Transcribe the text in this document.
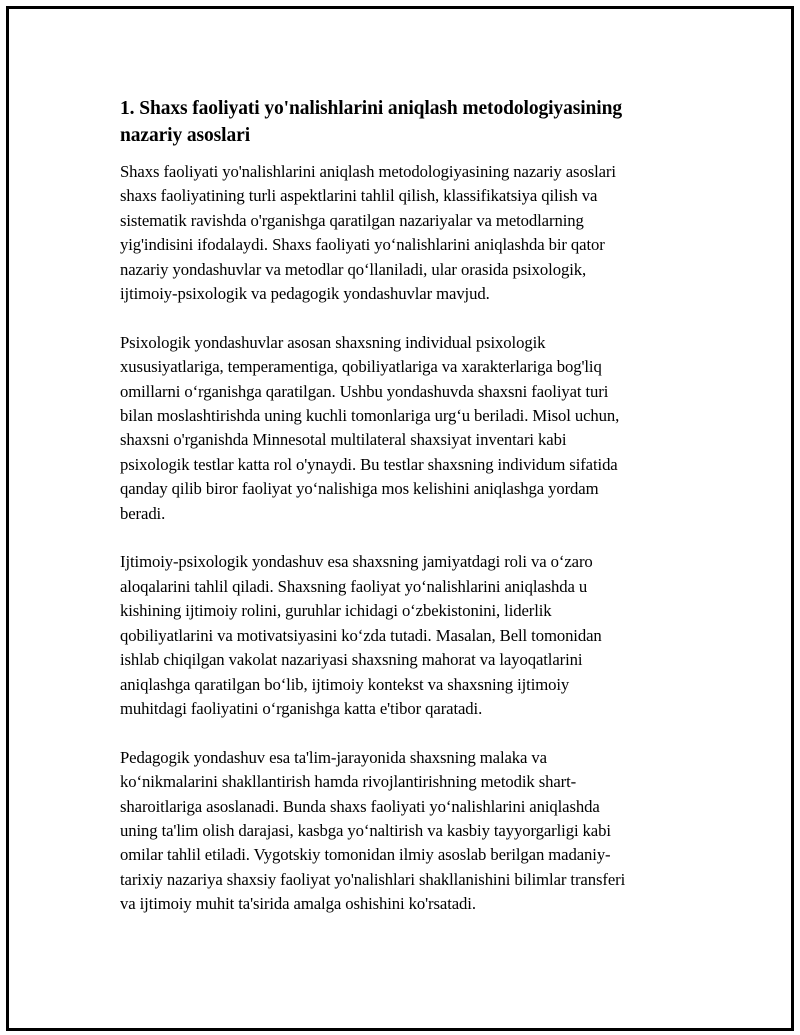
1. Shaxs faoliyati yo'nalishlarini aniqlash metodologiyasining
nazariy asoslari

Shaxs faoliyati yo'nalishlarini aniqlash metodologiyasining nazariy asoslari
shaxs faoliyatining turli aspektlarini tahlil qilish, klassifikatsiya qilish va
sistematik ravishda o'rganishga qaratilgan nazariyalar va metodlarning
yig'indisini ifodalaydi. Shaxs faoliyati yo‘nalishlarini aniqlashda bir qator
nazariy yondashuvlar va metodlar qo‘llaniladi, ular orasida psixologik,
ijtimoiy-psixologik va pedagogik yondashuvlar mavjud.

Psixologik yondashuvlar asosan shaxsning individual psixologik
xususiyatlariga, temperamentiga, qobiliyatlariga va xarakterlariga bog'liq
omillarni o‘rganishga qaratilgan. Ushbu yondashuvda shaxsni faoliyat turi
bilan moslashtirishda uning kuchli tomonlariga urg‘u beriladi. Misol uchun,
shaxsni o'rganishda Minnesotal multilateral shaxsiyat inventari kabi
psixologik testlar katta rol o'ynaydi. Bu testlar shaxsning individum sifatida
qanday qilib biror faoliyat yo‘nalishiga mos kelishini aniqlashga yordam
beradi.

Ijtimoiy-psixologik yondashuv esa shaxsning jamiyatdagi roli va o‘zaro
aloqalarini tahlil qiladi. Shaxsning faoliyat yo‘nalishlarini aniqlashda u
kishining ijtimoiy rolini, guruhlar ichidagi o‘zbekistonini, liderlik
qobiliyatlarini va motivatsiyasini ko‘zda tutadi. Masalan, Bell tomonidan
ishlab chiqilgan vakolat nazariyasi shaxsning mahorat va layoqatlarini
aniqlashga qaratilgan bo‘lib, ijtimoiy kontekst va shaxsning ijtimoiy
muhitdagi faoliyatini o‘rganishga katta e'tibor qaratadi.

Pedagogik yondashuv esa ta'lim-jarayonida shaxsning malaka va
ko‘nikmalarini shakllantirish hamda rivojlantirishning metodik shart-
sharoitlariga asoslanadi. Bunda shaxs faoliyati yo‘nalishlarini aniqlashda
uning ta'lim olish darajasi, kasbga yo‘naltirish va kasbiy tayyorgarligi kabi
omilar tahlil etiladi. Vygotskiy tomonidan ilmiy asoslab berilgan madaniy-
tarixiy nazariya shaxsiy faoliyat yo'nalishlari shakllanishini bilimlar transferi
va ijtimoiy muhit ta'sirida amalga oshishini ko'rsatadi.
